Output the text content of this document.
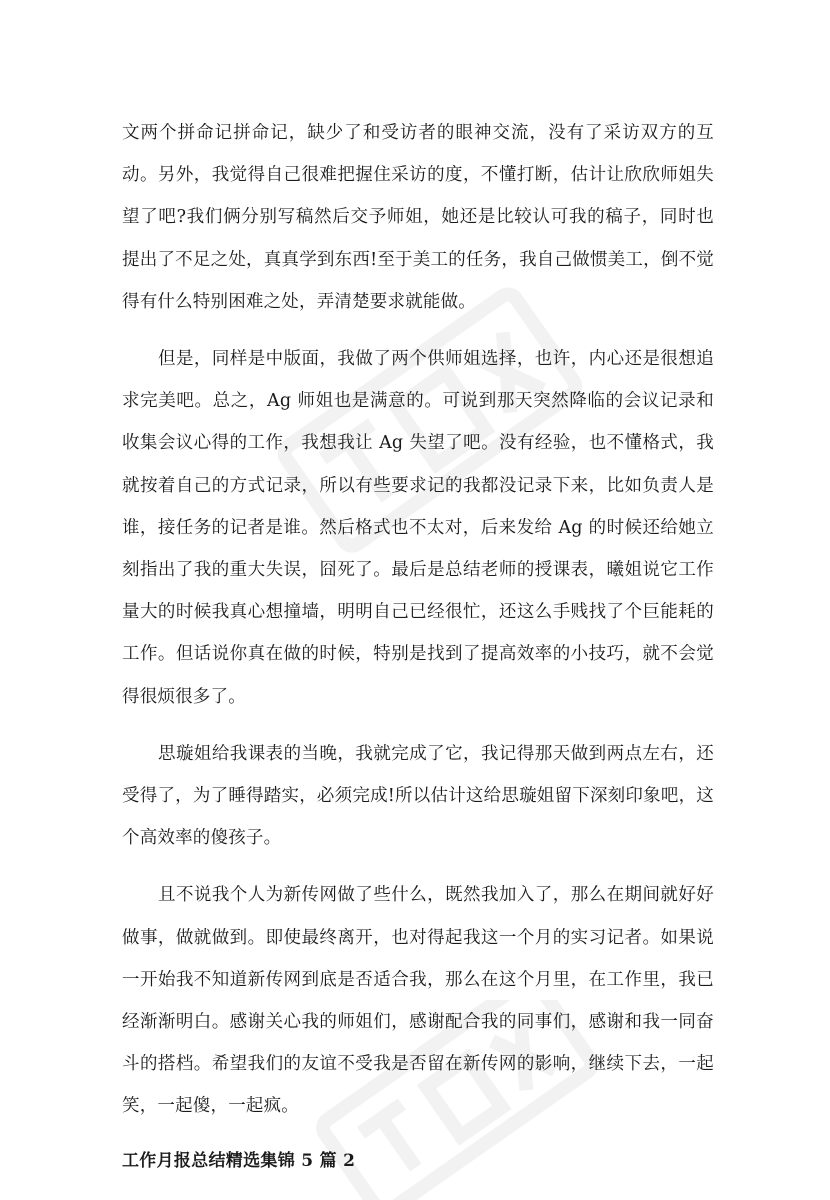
文两个拼命记拼命记，缺少了和受访者的眼神交流，没有了采访双方的互动。另外，我觉得自己很难把握住采访的度，不懂打断，估计让欣欣师姐失望了吧?我们俩分别写稿然后交予师姐，她还是比较认可我的稿子，同时也提出了不足之处，真真学到东西!至于美工的任务，我自己做惯美工，倒不觉得有什么特别困难之处，弄清楚要求就能做。

但是，同样是中版面，我做了两个供师姐选择，也许，内心还是很想追求完美吧。总之，Ag 师姐也是满意的。可说到那天突然降临的会议记录和收集会议心得的工作，我想我让 Ag 失望了吧。没有经验，也不懂格式，我就按着自己的方式记录，所以有些要求记的我都没记录下来，比如负责人是谁，接任务的记者是谁。然后格式也不太对，后来发给 Ag 的时候还给她立刻指出了我的重大失误，囧死了。最后是总结老师的授课表，曦姐说它工作量大的时候我真心想撞墙，明明自己已经很忙，还这么手贱找了个巨能耗的工作。但话说你真在做的时候，特别是找到了提高效率的小技巧，就不会觉得很烦很多了。

思璇姐给我课表的当晚，我就完成了它，我记得那天做到两点左右，还受得了，为了睡得踏实，必须完成!所以估计这给思璇姐留下深刻印象吧，这个高效率的傻孩子。

且不说我个人为新传网做了些什么，既然我加入了，那么在期间就好好做事，做就做到。即使最终离开，也对得起我这一个月的实习记者。如果说一开始我不知道新传网到底是否适合我，那么在这个月里，在工作里，我已经渐渐明白。感谢关心我的师姐们，感谢配合我的同事们，感谢和我一同奋斗的搭档。希望我们的友谊不受我是否留在新传网的影响，继续下去，一起笑，一起傻，一起疯。

工作月报总结精选集锦 5 篇 2
